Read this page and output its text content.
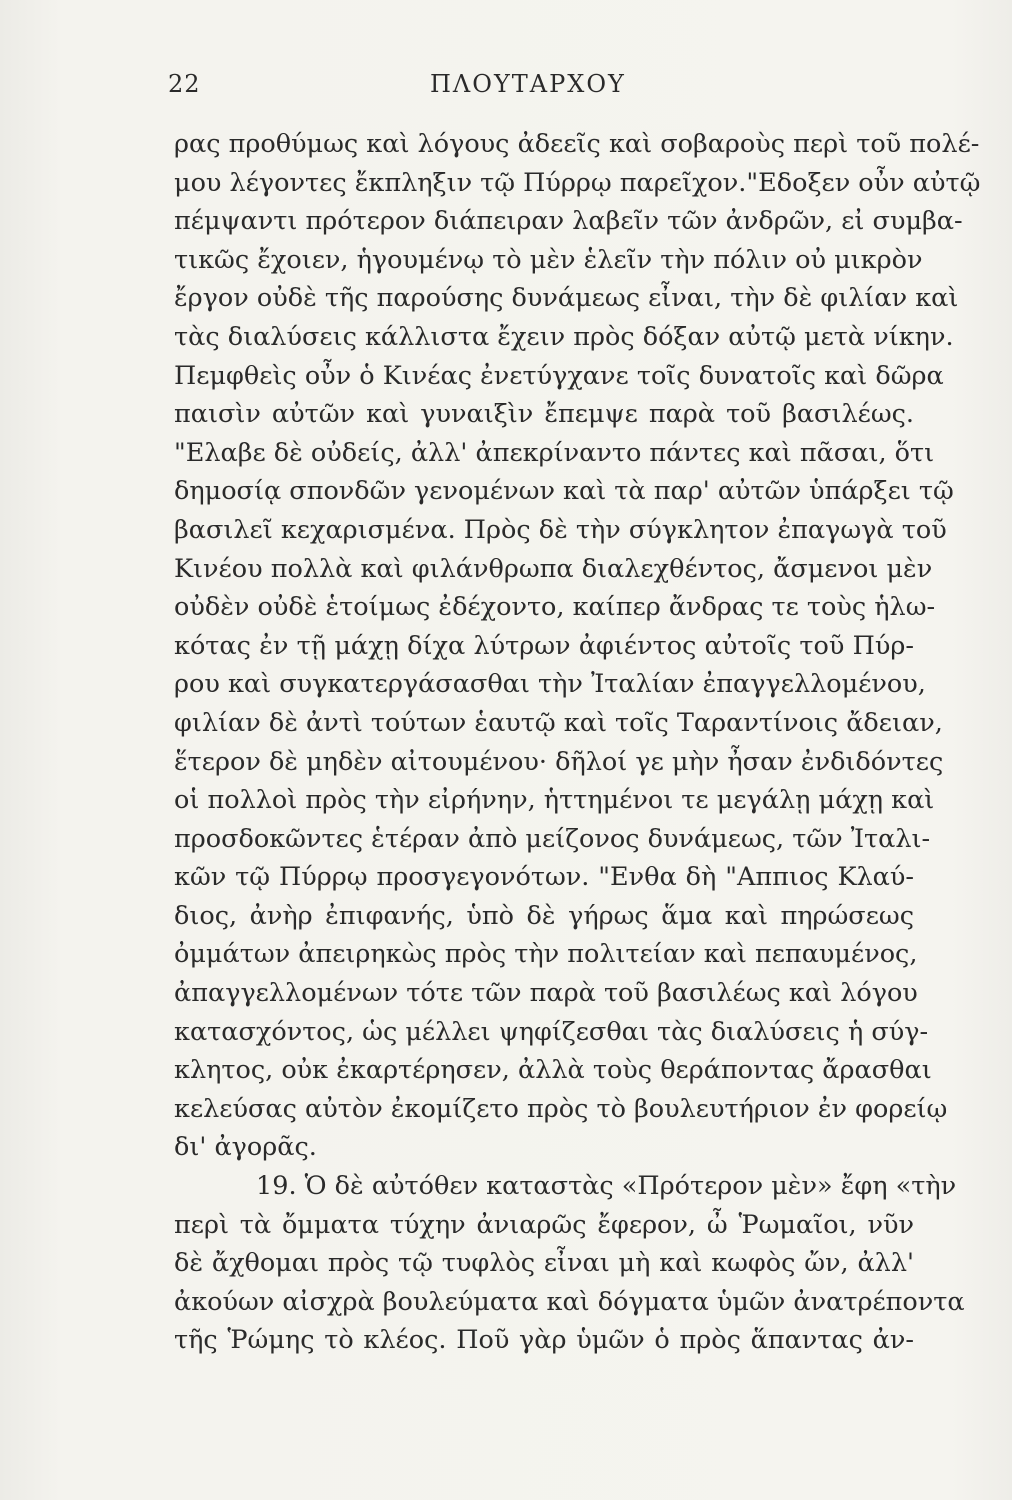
22	ΠΛΟΥΤΑΡΧΟΥ
ρας προθύμως καὶ λόγους ἀδεεῖς καὶ σοβαροὺς περὶ τοῦ πολέ-
μου λέγοντες ἔκπληξιν τῷ Πύρρῳ παρεῖχον."Εδοξεν οὖν αὐτῷ
πέμψαντι πρότερον διάπειραν λαβεῖν τῶν ἀνδρῶν, εἰ συμβα-
τικῶς ἔχοιεν, ἡγουμένῳ τὸ μὲν ἑλεῖν τὴν πόλιν οὐ μικρὸν
ἔργον οὐδὲ τῆς παρούσης δυνάμεως εἶναι, τὴν δὲ φιλίαν καὶ
τὰς διαλύσεις κάλλιστα ἔχειν πρὸς δόξαν αὐτῷ μετὰ νίκην.
Πεμφθεὶς οὖν ὁ Κινέας ἐνετύγχανε τοῖς δυνατοῖς καὶ δῶρα
παισὶν αὐτῶν καὶ γυναιξὶν ἔπεμψε παρὰ τοῦ βασιλέως.
"Ελαβε δὲ οὐδείς, ἀλλ' ἀπεκρίναντο πάντες καὶ πᾶσαι, ὅτι
δημοσίᾳ σπονδῶν γενομένων καὶ τὰ παρ' αὐτῶν ὑπάρξει τῷ
βασιλεῖ κεχαρισμένα. Πρὸς δὲ τὴν σύγκλητον ἐπαγωγὰ τοῦ
Κινέου πολλὰ καὶ φιλάνθρωπα διαλεχθέντος, ἄσμενοι μὲν
οὐδὲν οὐδὲ ἑτοίμως ἐδέχοντο, καίπερ ἄνδρας τε τοὺς ἡλω-
κότας ἐν τῇ μάχῃ δίχα λύτρων ἀφιέντος αὐτοῖς τοῦ Πύρ-
ρου καὶ συγκατεργάσασθαι τὴν Ἰταλίαν ἐπαγγελλομένου,
φιλίαν δὲ ἀντὶ τούτων ἑαυτῷ καὶ τοῖς Ταραντίνοις ἄδειαν,
ἕτερον δὲ μηδὲν αἰτουμένου· δῆλοί γε μὴν ἦσαν ἐνδιδόντες
οἱ πολλοὶ πρὸς τὴν εἰρήνην, ἡττημένοι τε μεγάλῃ μάχῃ καὶ
προσδοκῶντες ἑτέραν ἀπὸ μείζονος δυνάμεως, τῶν Ἰταλι-
κῶν τῷ Πύρρῳ προσγεγονότων. "Ενθα δὴ "Αππιος Κλαύ-
διος, ἀνὴρ ἐπιφανής, ὑπὸ δὲ γήρως ἅμα καὶ πηρώσεως
ὀμμάτων ἀπειρηκὼς πρὸς τὴν πολιτείαν καὶ πεπαυμένος,
ἀπαγγελλομένων τότε τῶν παρὰ τοῦ βασιλέως καὶ λόγου
κατασχόντος, ὡς μέλλει ψηφίζεσθαι τὰς διαλύσεις ἡ σύγ-
κλητος, οὐκ ἐκαρτέρησεν, ἀλλὰ τοὺς θεράποντας ἄρασθαι
κελεύσας αὐτὸν ἐκομίζετο πρὸς τὸ βουλευτήριον ἐν φορείῳ
δι' ἀγορᾶς.
19. Ὁ δὲ αὐτόθεν καταστὰς «Πρότερον μὲν» ἔφη «τὴν
περὶ τὰ ὄμματα τύχην ἀνιαρῶς ἔφερον, ὦ Ῥωμαῖοι, νῦν
δὲ ἄχθομαι πρὸς τῷ τυφλὸς εἶναι μὴ καὶ κωφὸς ὤν, ἀλλ'
ἀκούων αἰσχρὰ βουλεύματα καὶ δόγματα ὑμῶν ἀνατρέποντα
τῆς Ῥώμης τὸ κλέος. Ποῦ γὰρ ὑμῶν ὁ πρὸς ἅπαντας ἀν-
